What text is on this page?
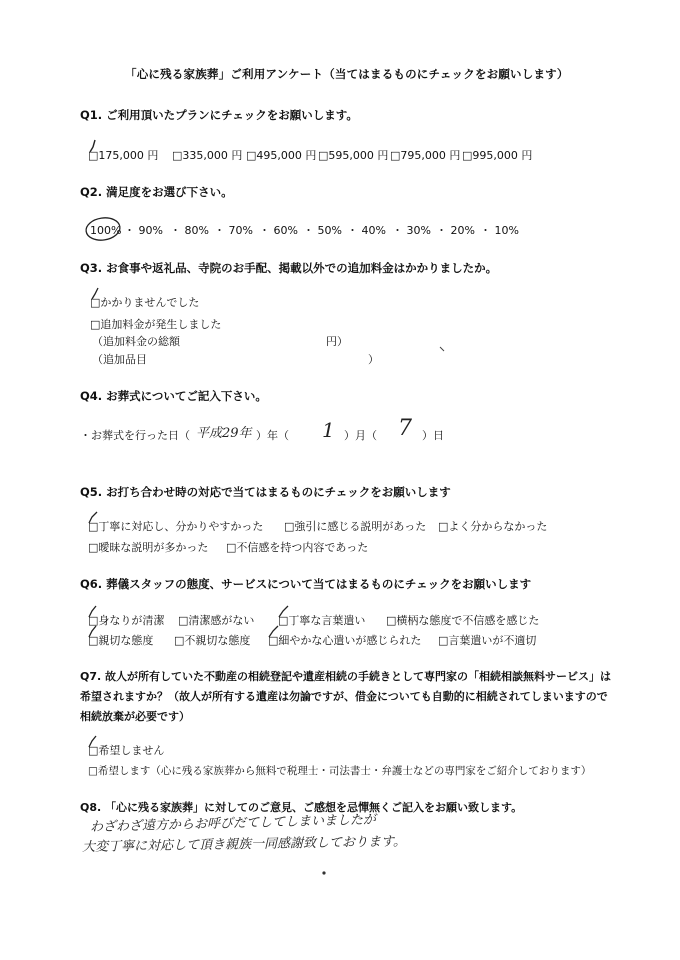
「心に残る家族葬」ご利用アンケート（当てはまるものにチェックをお願いします）
Q1. ご利用頂いたプランにチェックをお願いします。
□175,000 円 □335,000 円 □495,000 円 □595,000 円 □795,000 円 □995,000 円
Q2. 満足度をお選び下さい。
100% ・ 90% ・ 80% ・ 70% ・ 60% ・ 50% ・ 40% ・ 30% ・ 20% ・ 10%
Q3. お食事や返礼品、寺院のお手配、掲載以外での追加料金はかかりましたか。
□かかりませんでした
□追加料金が発生しました
（追加料金の総額	円）
（追加品目	）
Q4. お葬式についてご記入下さい。
・お葬式を行った日（ 平成29年 ）年（ 1 ）月（ 7 ）日
Q5. お打ち合わせ時の対応で当てはまるものにチェックをお願いします
□丁寧に対応し、分かりやすかった □強引に感じる説明があった □よく分からなかった
□曖昧な説明が多かった □不信感を持つ内容であった
Q6. 葬儀スタッフの態度、サービスについて当てはまるものにチェックをお願いします
□身なりが清潔 □清潔感がない □丁寧な言葉遣い □横柄な態度で不信感を感じた
□親切な態度 □不親切な態度 □細やかな心遣いが感じられた □言葉遣いが不適切
Q7. 故人が所有していた不動産の相続登記や遺産相続の手続きとして専門家の「相続相談無料サービス」は
希望されますか？（故人が所有する遺産は勿論ですが、借金についても自動的に相続されてしまいますので
相続放棄が必要です）
□希望しません
□希望します（心に残る家族葬から無料で税理士・司法書士・弁護士などの専門家をご紹介しております）
Q8. 「心に残る家族葬」に対してのご意見、ご感想を忌憚無くご記入をお願い致します。
わざわざ遠方からお呼びだてしてしまいましたが
大変丁寧に対応して頂き親族一同感謝致しております。
